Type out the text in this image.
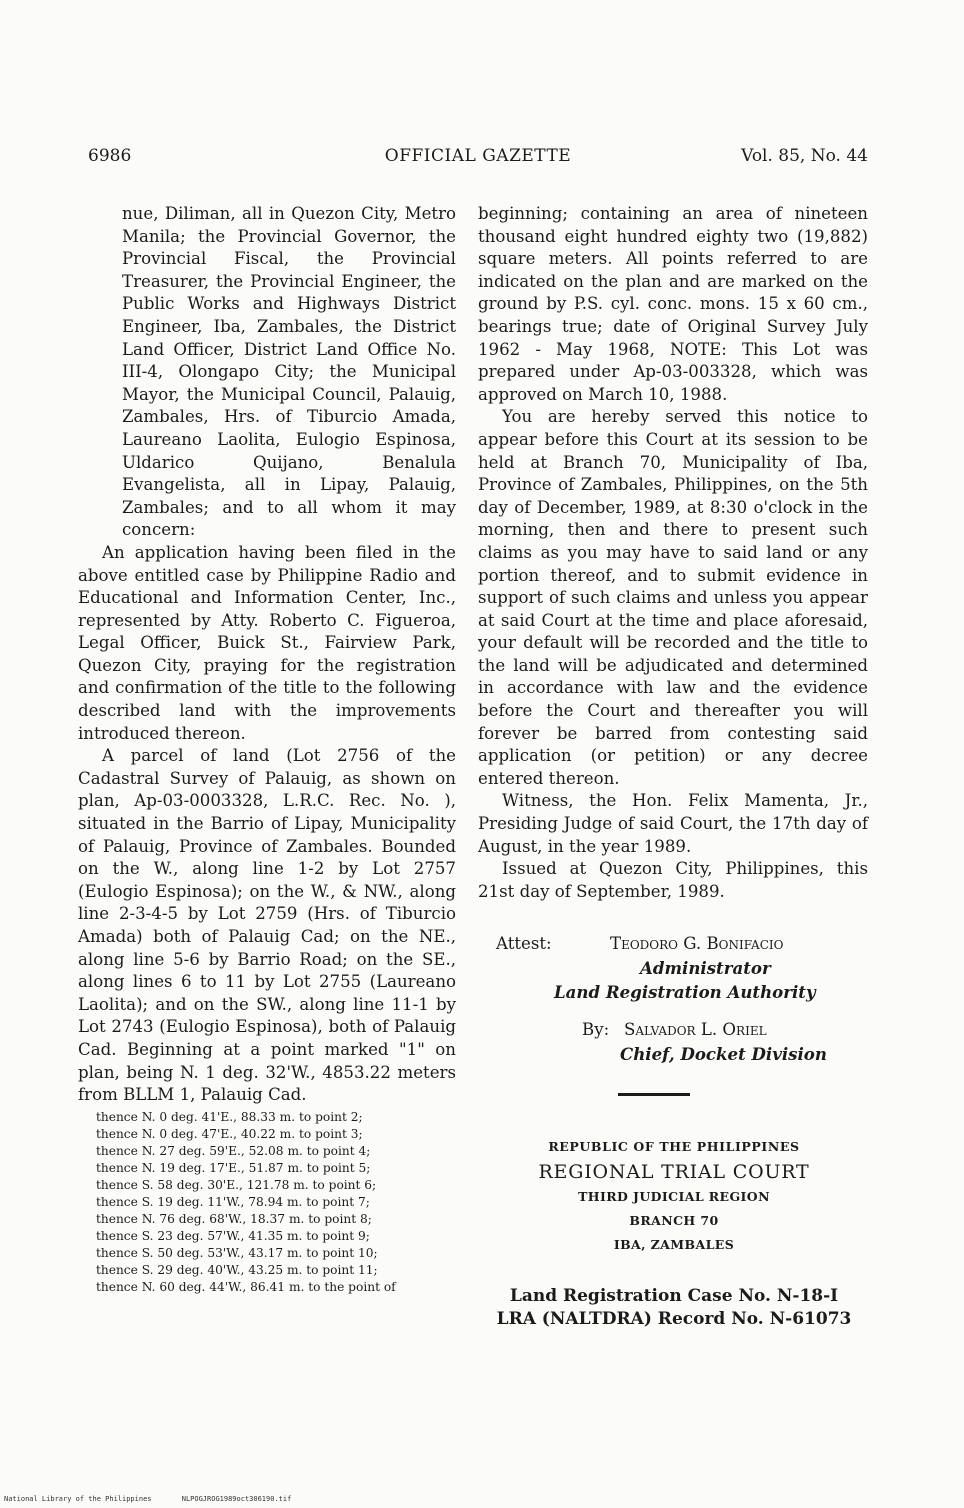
6986	OFFICIAL GAZETTE	Vol. 85, No. 44

nue, Diliman, all in Quezon City, Metro Manila; the Provincial Governor, the Provincial Fiscal, the Provincial Treasurer, the Provincial Engineer, the Public Works and Highways District Engineer, Iba, Zambales, the District Land Officer, District Land Office No. III-4, Olongapo City; the Municipal Mayor, the Municipal Council, Palauig, Zambales, Hrs. of Tiburcio Amada, Laureano Laolita, Eulogio Espinosa, Uldarico Quijano, Benalula Evangelista, all in Lipay, Palauig, Zambales; and to all whom it may concern:

An application having been filed in the above entitled case by Philippine Radio and Educational and Information Center, Inc., represented by Atty. Roberto C. Figueroa, Legal Officer, Buick St., Fairview Park, Quezon City, praying for the registration and confirmation of the title to the following described land with the improvements introduced thereon.

A parcel of land (Lot 2756 of the Cadastral Survey of Palauig, as shown on plan, Ap-03-0003328, L.R.C. Rec. No. ), situated in the Barrio of Lipay, Municipality of Palauig, Province of Zambales. Bounded on the W., along line 1-2 by Lot 2757 (Eulogio Espinosa); on the W., & NW., along line 2-3-4-5 by Lot 2759 (Hrs. of Tiburcio Amada) both of Palauig Cad; on the NE., along line 5-6 by Barrio Road; on the SE., along lines 6 to 11 by Lot 2755 (Laureano Laolita); and on the SW., along line 11-1 by Lot 2743 (Eulogio Espinosa), both of Palauig Cad. Beginning at a point marked "1" on plan, being N. 1 deg. 32'W., 4853.22 meters from BLLM 1, Palauig Cad.

thence N. 0 deg. 41'E., 88.33 m. to point 2;
thence N. 0 deg. 47'E., 40.22 m. to point 3;
thence N. 27 deg. 59'E., 52.08 m. to point 4;
thence N. 19 deg. 17'E., 51.87 m. to point 5;
thence S. 58 deg. 30'E., 121.78 m. to point 6;
thence S. 19 deg. 11'W., 78.94 m. to point 7;
thence N. 76 deg. 68'W., 18.37 m. to point 8;
thence S. 23 deg. 57'W., 41.35 m. to point 9;
thence S. 50 deg. 53'W., 43.17 m. to point 10;
thence S. 29 deg. 40'W., 43.25 m. to point 11;
thence N. 60 deg. 44'W., 86.41 m. to the point of

beginning; containing an area of nineteen thousand eight hundred eighty two (19,882) square meters. All points referred to are indicated on the plan and are marked on the ground by P.S. cyl. conc. mons. 15 x 60 cm., bearings true; date of Original Survey July 1962 - May 1968, NOTE: This Lot was prepared under Ap-03-003328, which was approved on March 10, 1988.

You are hereby served this notice to appear before this Court at its session to be held at Branch 70, Municipality of Iba, Province of Zambales, Philippines, on the 5th day of December, 1989, at 8:30 o'clock in the morning, then and there to present such claims as you may have to said land or any portion thereof, and to submit evidence in support of such claims and unless you appear at said Court at the time and place aforesaid, your default will be recorded and the title to the land will be adjudicated and determined in accordance with law and the evidence before the Court and thereafter you will forever be barred from contesting said application (or petition) or any decree entered thereon.

Witness, the Hon. Felix Mamenta, Jr., Presiding Judge of said Court, the 17th day of August, in the year 1989.

Issued at Quezon City, Philippines, this 21st day of September, 1989.

Attest:	Teodoro G. Bonifacio
Administrator
Land Registration Authority
By: Salvador L. Oriel
Chief, Docket Division
REPUBLIC OF THE PHILIPPINES
REGIONAL TRIAL COURT
THIRD JUDICIAL REGION
BRANCH 70
IBA, ZAMBALES
Land Registration Case No. N-18-I
LRA (NALTDRA) Record No. N-61073
National Library of the Philippines	NLPOGJROG1989oct306190.tif
